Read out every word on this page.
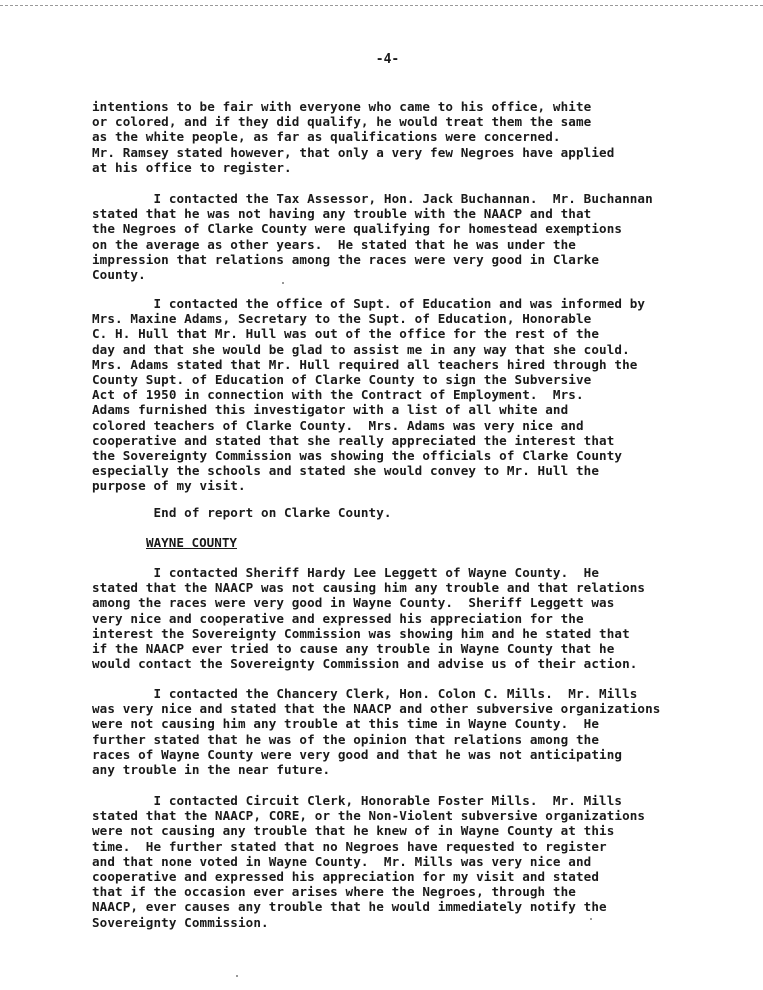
-4-
intentions to be fair with everyone who came to his office, white
or colored, and if they did qualify, he would treat them the same
as the white people, as far as qualifications were concerned.
Mr. Ramsey stated however, that only a very few Negroes have applied
at his office to register.
I contacted the Tax Assessor, Hon. Jack Buchannan.  Mr. Buchannan
stated that he was not having any trouble with the NAACP and that
the Negroes of Clarke County were qualifying for homestead exemptions
on the average as other years.  He stated that he was under the
impression that relations among the races were very good in Clarke
County.
I contacted the office of Supt. of Education and was informed by
Mrs. Maxine Adams, Secretary to the Supt. of Education, Honorable
C. H. Hull that Mr. Hull was out of the office for the rest of the
day and that she would be glad to assist me in any way that she could.
Mrs. Adams stated that Mr. Hull required all teachers hired through the
County Supt. of Education of Clarke County to sign the Subversive
Act of 1950 in connection with the Contract of Employment.  Mrs.
Adams furnished this investigator with a list of all white and
colored teachers of Clarke County.  Mrs. Adams was very nice and
cooperative and stated that she really appreciated the interest that
the Sovereignty Commission was showing the officials of Clarke County
especially the schools and stated she would convey to Mr. Hull the
purpose of my visit.
End of report on Clarke County.
WAYNE COUNTY
I contacted Sheriff Hardy Lee Leggett of Wayne County.  He
stated that the NAACP was not causing him any trouble and that relations
among the races were very good in Wayne County.  Sheriff Leggett was
very nice and cooperative and expressed his appreciation for the
interest the Sovereignty Commission was showing him and he stated that
if the NAACP ever tried to cause any trouble in Wayne County that he
would contact the Sovereignty Commission and advise us of their action.
I contacted the Chancery Clerk, Hon. Colon C. Mills.  Mr. Mills
was very nice and stated that the NAACP and other subversive organizations
were not causing him any trouble at this time in Wayne County.  He
further stated that he was of the opinion that relations among the
races of Wayne County were very good and that he was not anticipating
any trouble in the near future.
I contacted Circuit Clerk, Honorable Foster Mills.  Mr. Mills
stated that the NAACP, CORE, or the Non-Violent subversive organizations
were not causing any trouble that he knew of in Wayne County at this
time.  He further stated that no Negroes have requested to register
and that none voted in Wayne County.  Mr. Mills was very nice and
cooperative and expressed his appreciation for my visit and stated
that if the occasion ever arises where the Negroes, through the
NAACP, ever causes any trouble that he would immediately notify the
Sovereignty Commission.
